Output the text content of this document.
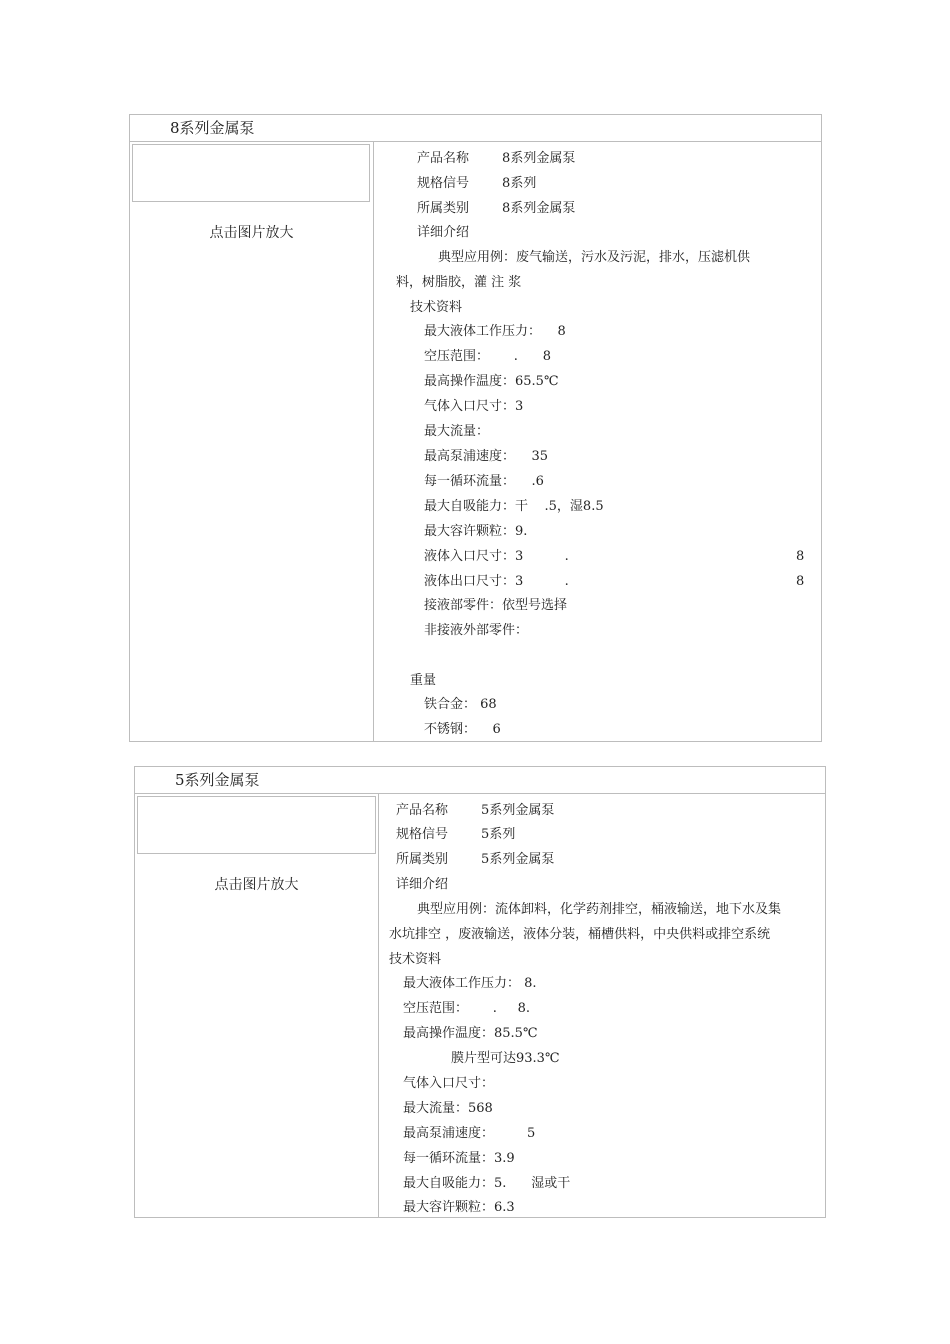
8系列金属泵
点击图片放大
产品名称        8系列金属泵
规格信号        8系列
所属类别        8系列金属泵
详细介绍
典型应用例：废气输送，污水及污泥，排水，压滤机供
料，树脂胶，灌 注 浆
技术资料
最大液体工作压力：    8
空压范围：      .      8
最高操作温度：65.5℃
气体入口尺寸：3
最大流量：
最高泵浦速度：    35
每一循环流量：    .6
最大自吸能力：干    .5，湿8.5
最大容许颗粒：9.
液体入口尺寸：3          .
液体出口尺寸：3          .
接液部零件：依型号选择
非接液外部零件：
重量
铁合金： 68
不锈钢：    6
8
8
5系列金属泵
点击图片放大
产品名称        5系列金属泵
规格信号        5系列
所属类别        5系列金属泵
详细介绍
典型应用例：流体卸料，化学药剂排空，桶液输送，地下水及集
水坑排空 ，废液输送，液体分装，桶槽供料，中央供料或排空系统
技术资料
最大液体工作压力： 8.
空压范围：      .     8.
最高操作温度：85.5℃
膜片型可达93.3℃
气体入口尺寸：
最大流量：568
最高泵浦速度：        5
每一循环流量：3.9
最大自吸能力：5.      湿或干
最大容许颗粒：6.3
